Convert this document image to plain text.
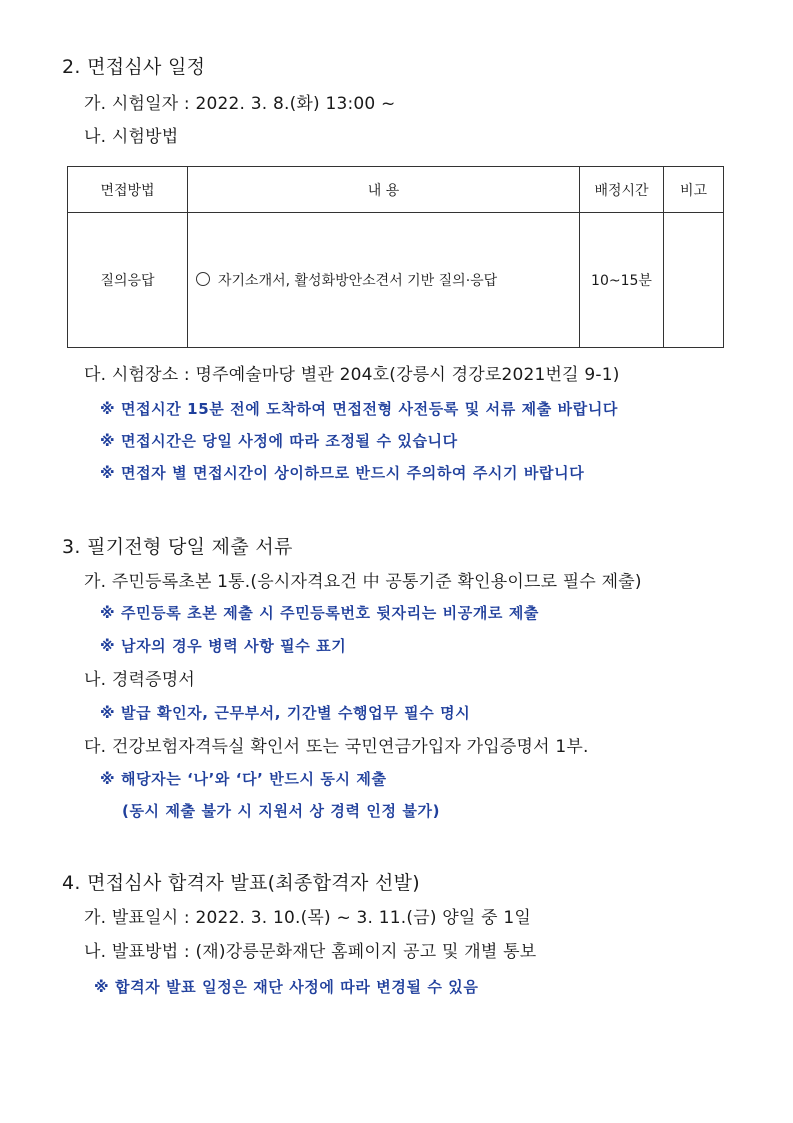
2. 면접심사 일정
가. 시험일자 : 2022. 3. 8.(화) 13:00 ~
나. 시험방법
면접방법	내 용	배정시간	비고
질의응답	자기소개서, 활성화방안소견서 기반 질의·응답	10~15분	
다. 시험장소 : 명주예술마당 별관 204호(강릉시 경강로2021번길 9-1)
※ 면접시간 15분 전에 도착하여 면접전형 사전등록 및 서류 제출 바랍니다
※ 면접시간은 당일 사정에 따라 조정될 수 있습니다
※ 면접자 별 면접시간이 상이하므로 반드시 주의하여 주시기 바랍니다
3. 필기전형 당일 제출 서류
가. 주민등록초본 1통.(응시자격요건 中 공통기준 확인용이므로 필수 제출)
※ 주민등록 초본 제출 시 주민등록번호 뒷자리는 비공개로 제출
※ 남자의 경우 병력 사항 필수 표기
나. 경력증명서
※ 발급 확인자, 근무부서, 기간별 수행업무 필수 명시
다. 건강보험자격득실 확인서 또는 국민연금가입자 가입증명서 1부.
※ 해당자는 ‘나’와 ‘다’ 반드시 동시 제출
(동시 제출 불가 시 지원서 상 경력 인정 불가)
4. 면접심사 합격자 발표(최종합격자 선발)
가. 발표일시 : 2022. 3. 10.(목) ~ 3. 11.(금) 양일 중 1일
나. 발표방법 : (재)강릉문화재단 홈페이지 공고 및 개별 통보
※ 합격자 발표 일정은 재단 사정에 따라 변경될 수 있음
